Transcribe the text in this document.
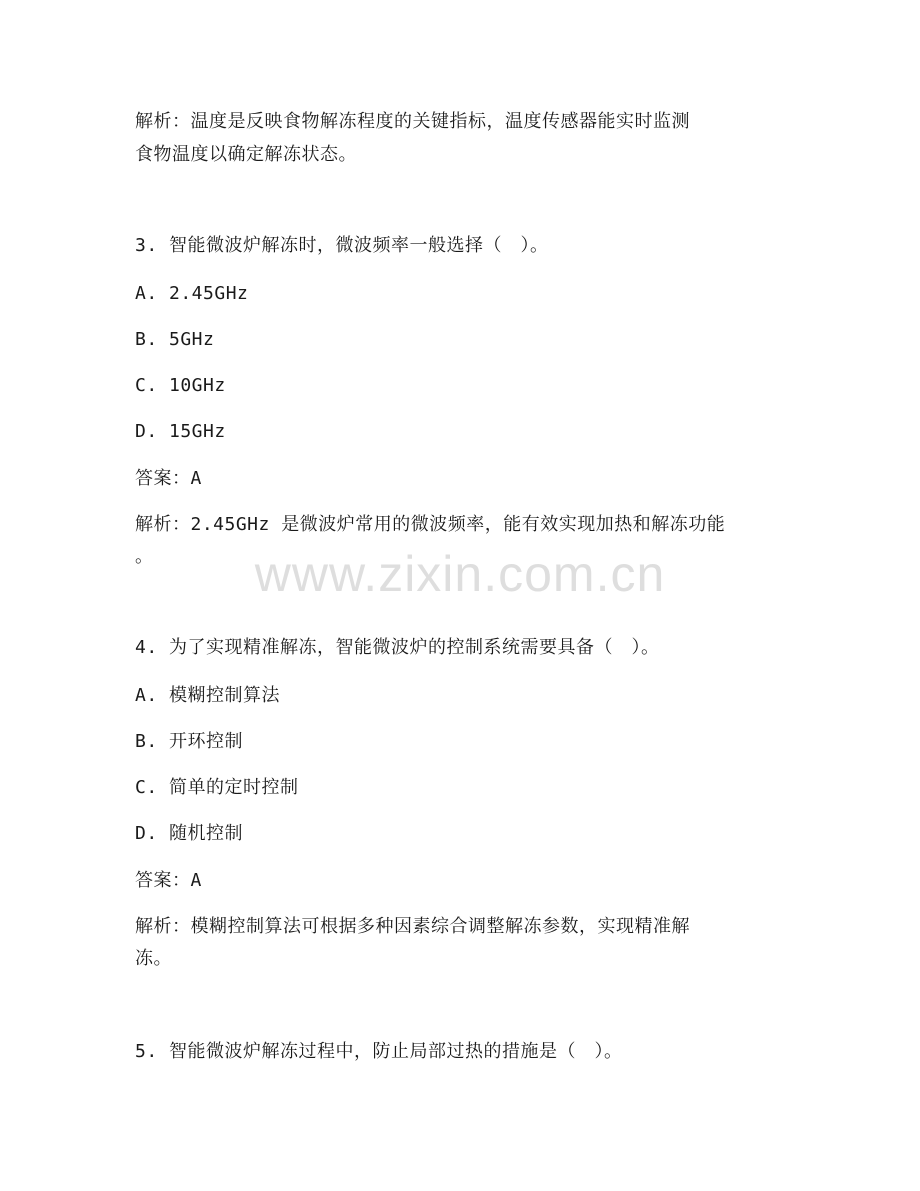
www.zixin.com.cn
解析：温度是反映食物解冻程度的关键指标，温度传感器能实时监测
食物温度以确定解冻状态。
3. 智能微波炉解冻时，微波频率一般选择（　）。
A. 2.45GHz
B. 5GHz
C. 10GHz
D. 15GHz
答案：A
解析：2.45GHz 是微波炉常用的微波频率，能有效实现加热和解冻功能
。
4. 为了实现精准解冻，智能微波炉的控制系统需要具备（　）。
A. 模糊控制算法
B. 开环控制
C. 简单的定时控制
D. 随机控制
答案：A
解析：模糊控制算法可根据多种因素综合调整解冻参数，实现精准解
冻。
5. 智能微波炉解冻过程中，防止局部过热的措施是（　）。
